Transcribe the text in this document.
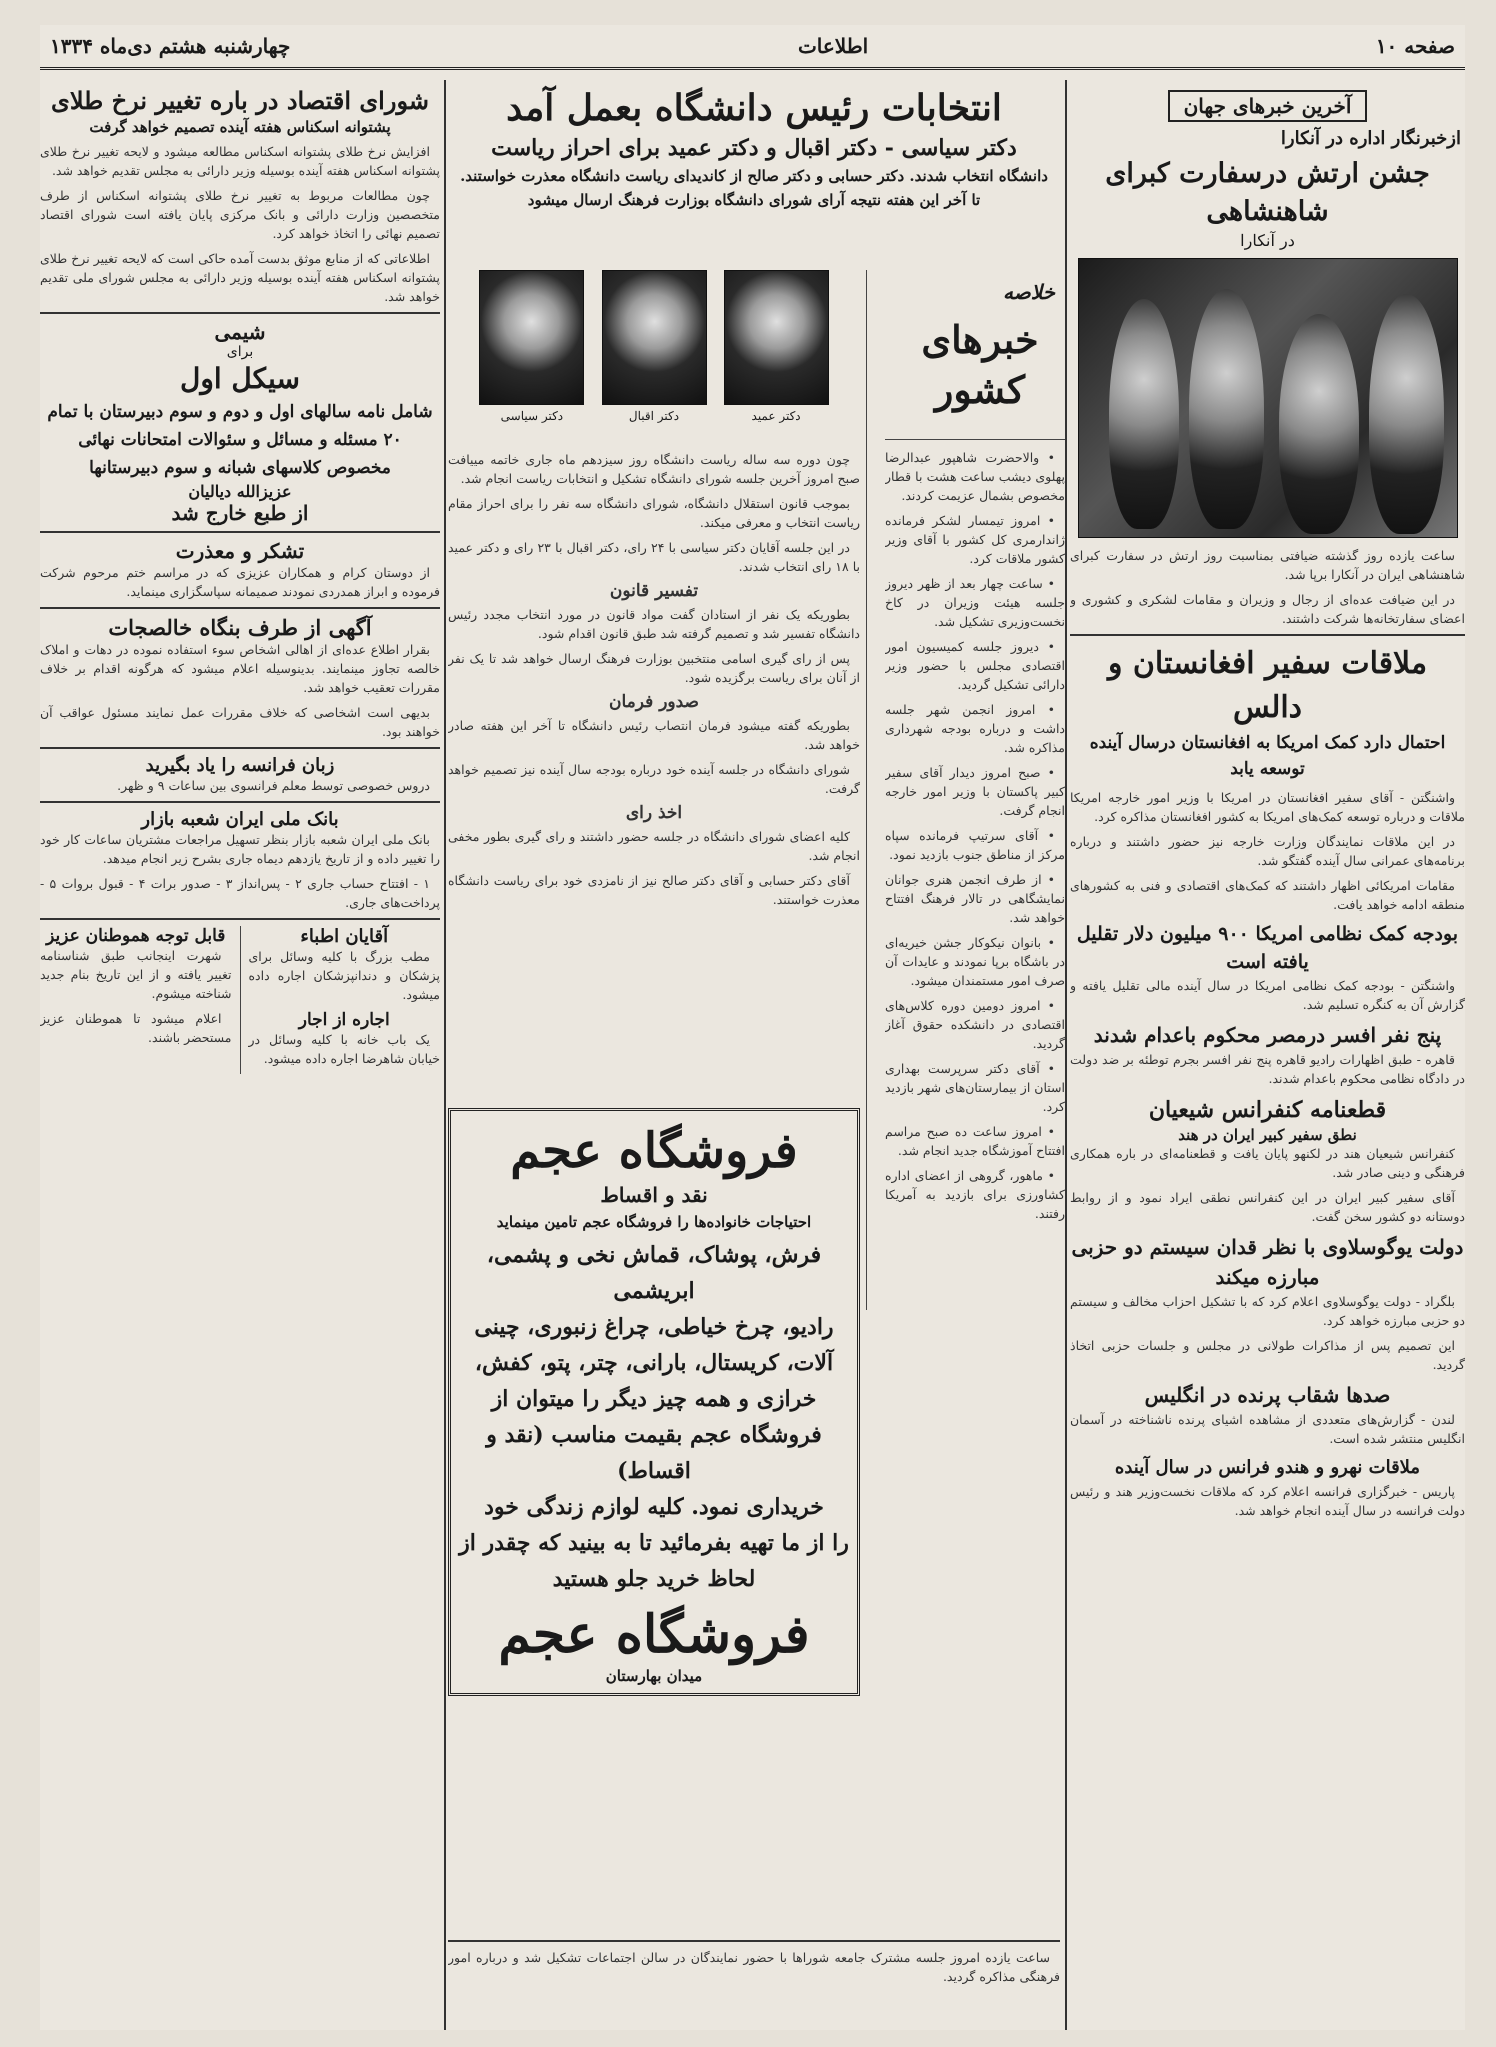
صفحه ۱۰
اطلاعات
چهارشنبه هشتم دی‌ماه ۱۳۳۴
آخرین خبرهای جهان
ازخبرنگار اداره در آنکارا
جشن ارتش درسفارت کبرای شاهنشاهی
در آنکارا

ساعت یازده روز گذشته ضیافتی بمناسبت روز ارتش در سفارت کبرای شاهنشاهی ایران در آنکارا برپا شد.

در این ضیافت عده‌ای از رجال و وزیران و مقامات لشکری و کشوری و اعضای سفارتخانه‌ها شرکت داشتند.

ملاقات سفیر افغانستان و دالس
احتمال دارد کمک امریکا به افغانستان درسال آینده توسعه یابد

واشنگتن - آقای سفیر افغانستان در امریکا با وزیر امور خارجه امریکا ملاقات و درباره توسعه کمک‌های امریکا به کشور افغانستان مذاکره کرد.

در این ملاقات نمایندگان وزارت خارجه نیز حضور داشتند و درباره برنامه‌های عمرانی سال آینده گفتگو شد.

مقامات امریکائی اظهار داشتند که کمک‌های اقتصادی و فنی به کشورهای منطقه ادامه خواهد یافت.

بودجه کمک نظامی امریکا ۹۰۰ میلیون دلار تقلیل یافته است

واشنگتن - بودجه کمک نظامی امریکا در سال آینده مالی تقلیل یافته و گزارش آن به کنگره تسلیم شد.

پنج نفر افسر درمصر محکوم باعدام شدند

قاهره - طبق اظهارات رادیو قاهره پنج نفر افسر بجرم توطئه بر ضد دولت در دادگاه نظامی محکوم باعدام شدند.

قطعنامه کنفرانس شیعیان
نطق سفیر کبیر ایران در هند

کنفرانس شیعیان هند در لکنهو پایان یافت و قطعنامه‌ای در باره همکاری فرهنگی و دینی صادر شد.

آقای سفیر کبیر ایران در این کنفرانس نطقی ایراد نمود و از روابط دوستانه دو کشور سخن گفت.

دولت یوگوسلاوی با نظر قدان سیستم دو حزبی مبارزه میکند

بلگراد - دولت یوگوسلاوی اعلام کرد که با تشکیل احزاب مخالف و سیستم دو حزبی مبارزه خواهد کرد.

این تصمیم پس از مذاکرات طولانی در مجلس و جلسات حزبی اتخاذ گردید.

صدها شقاب پرنده در انگلیس

لندن - گزارش‌های متعددی از مشاهده اشیای پرنده ناشناخته در آسمان انگلیس منتشر شده است.

ملاقات نهرو و هندو فرانس در سال آینده

پاریس - خبرگزاری فرانسه اعلام کرد که ملاقات نخست‌وزیر هند و رئیس دولت فرانسه در سال آینده انجام خواهد شد.

خلاصه
خبرهای کشور

• والاحضرت شاهپور عبدالرضا پهلوی دیشب ساعت هشت با قطار مخصوص بشمال عزیمت کردند.

• امروز تیمسار لشکر فرمانده ژاندارمری کل کشور با آقای وزیر کشور ملاقات کرد.

• ساعت چهار بعد از ظهر دیروز جلسه هیئت وزیران در کاخ نخست‌وزیری تشکیل شد.

• دیروز جلسه کمیسیون امور اقتصادی مجلس با حضور وزیر دارائی تشکیل گردید.

• امروز انجمن شهر جلسه داشت و درباره بودجه شهرداری مذاکره شد.

• صبح امروز دیدار آقای سفیر کبیر پاکستان با وزیر امور خارجه انجام گرفت.

• آقای سرتیپ فرمانده سپاه مرکز از مناطق جنوب بازدید نمود.

• از طرف انجمن هنری جوانان نمایشگاهی در تالار فرهنگ افتتاح خواهد شد.

• بانوان نیکوکار جشن خیریه‌ای در باشگاه برپا نمودند و عایدات آن صرف امور مستمندان میشود.

• امروز دومین دوره کلاس‌های اقتصادی در دانشکده حقوق آغاز گردید.

• آقای دکتر سرپرست بهداری استان از بیمارستان‌های شهر بازدید کرد.

• امروز ساعت ده صبح مراسم افتتاح آموزشگاه جدید انجام شد.

• ماهور، گروهی از اعضای اداره کشاورزی برای بازدید به آمریکا رفتند.

انتخابات رئیس دانشگاه بعمل آمد
دکتر سیاسی - دکتر اقبال و دکتر عمید برای احراز ریاست
دانشگاه انتخاب شدند. دکتر حسابی و دکتر صالح از کاندیدای ریاست دانشگاه معذرت خواستند. تا آخر این هفته نتیجه آرای شورای دانشگاه بوزارت فرهنگ ارسال میشود
دکتر عمید

دکتر اقبال

دکتر سیاسی

چون دوره سه ساله ریاست دانشگاه روز سیزدهم ماه جاری خاتمه مییافت صبح امروز آخرین جلسه شورای دانشگاه تشکیل و انتخابات ریاست انجام شد.

بموجب قانون استقلال دانشگاه، شورای دانشگاه سه نفر را برای احراز مقام ریاست انتخاب و معرفی میکند.

در این جلسه آقایان دکتر سیاسی با ۲۴ رای، دکتر اقبال با ۲۳ رای و دکتر عمید با ۱۸ رای انتخاب شدند.

تفسیر قانون

بطوریکه یک نفر از استادان گفت مواد قانون در مورد انتخاب مجدد رئیس دانشگاه تفسیر شد و تصمیم گرفته شد طبق قانون اقدام شود.

پس از رای گیری اسامی منتخبین بوزارت فرهنگ ارسال خواهد شد تا یک نفر از آنان برای ریاست برگزیده شود.

صدور فرمان

بطوریکه گفته میشود فرمان انتصاب رئیس دانشگاه تا آخر این هفته صادر خواهد شد.

شورای دانشگاه در جلسه آینده خود درباره بودجه سال آینده نیز تصمیم خواهد گرفت.

اخذ رای

کلیه اعضای شورای دانشگاه در جلسه حضور داشتند و رای گیری بطور مخفی انجام شد.

آقای دکتر حسابی و آقای دکتر صالح نیز از نامزدی خود برای ریاست دانشگاه معذرت خواستند.

فروشگاه عجم
نقد و اقساط
احتیاجات خانواده‌ها را فروشگاه عجم تامین مینماید
فرش، پوشاک، قماش نخی و پشمی، ابریشمی
رادیو، چرخ خیاطی، چراغ زنبوری، چینی
آلات، کریستال، بارانی، چتر، پتو، کفش،
خرازی و همه چیز دیگر را میتوان از
فروشگاه عجم بقیمت مناسب (نقد و اقساط)
خریداری نمود. کلیه لوازم زندگی خود
را از ما تهیه بفرمائید تا به بینید که چقدر از
لحاظ خرید جلو هستید
فروشگاه عجم
میدان بهارستان

ساعت یازده امروز جلسه مشترک جامعه شوراها با حضور نمایندگان در سالن اجتماعات تشکیل شد و درباره امور فرهنگی مذاکره گردید.

شورای اقتصاد در باره تغییر نرخ طلای
پشتوانه اسکناس هفته آینده تصمیم خواهد گرفت

افزایش نرخ طلای پشتوانه اسکناس مطالعه میشود و لایحه تغییر نرخ طلای پشتوانه اسکناس هفته آینده بوسیله وزیر دارائی به مجلس تقدیم خواهد شد.

چون مطالعات مربوط به تغییر نرخ طلای پشتوانه اسکناس از طرف متخصصین وزارت دارائی و بانک مرکزی پایان یافته است شورای اقتصاد تصمیم نهائی را اتخاذ خواهد کرد.

اطلاعاتی که از منابع موثق بدست آمده حاکی است که لایحه تغییر نرخ طلای پشتوانه اسکناس هفته آینده بوسیله وزیر دارائی به مجلس شورای ملی تقدیم خواهد شد.

شیمی
برای
سیکل اول
شامل نامه سالهای اول و دوم و سوم دبیرستان با تمام
۲۰ مسئله و مسائل و سئوالات امتحانات نهائی
مخصوص کلاسهای شبانه و سوم دبیرستانها
عزیزالله دیالیان
از طبع خارج شد
تشکر و معذرت

از دوستان کرام و همکاران عزیزی که در مراسم ختم مرحوم شرکت فرموده و ابراز همدردی نمودند صمیمانه سپاسگزاری مینماید.

آگهی از طرف بنگاه خالصجات

بقرار اطلاع عده‌ای از اهالی اشخاص سوء استفاده نموده در دهات و املاک خالصه تجاوز مینمایند. بدینوسیله اعلام میشود که هرگونه اقدام بر خلاف مقررات تعقیب خواهد شد.

بدیهی است اشخاصی که خلاف مقررات عمل نمایند مسئول عواقب آن خواهند بود.

زبان فرانسه را یاد بگیرید

دروس خصوصی توسط معلم فرانسوی بین ساعات ۹ و ظهر.

بانک ملی ایران شعبه بازار

بانک ملی ایران شعبه بازار بنظر تسهیل مراجعات مشتریان ساعات کار خود را تغییر داده و از تاریخ یازدهم دیماه جاری بشرح زیر انجام میدهد.

۱ - افتتاح حساب جاری ۲ - پس‌انداز ۳ - صدور برات ۴ - قبول بروات ۵ - پرداخت‌های جاری.

آقایان اطباء

مطب بزرگ با کلیه وسائل برای پزشکان و دندانپزشکان اجاره داده میشود.

اجاره از اجار

یک باب خانه با کلیه وسائل در خیابان شاهرضا اجاره داده میشود.

قابل توجه هموطنان عزیز

شهرت اینجانب طبق شناسنامه تغییر یافته و از این تاریخ بنام جدید شناخته میشوم.

اعلام میشود تا هموطنان عزیز مستحضر باشند.
